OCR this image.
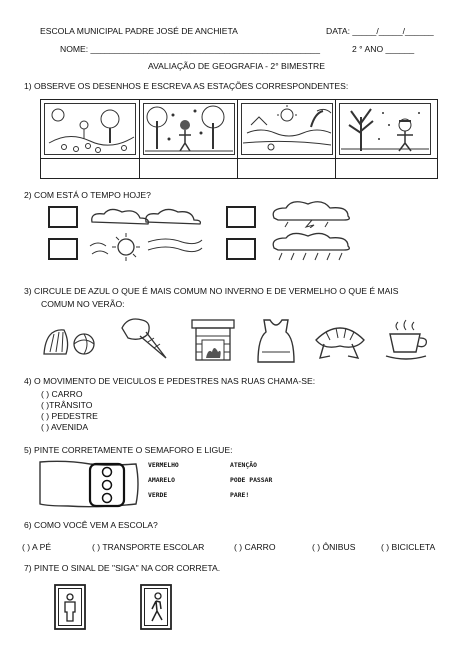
ESCOLA MUNICIPAL PADRE JOSÉ DE ANCHIETA	DATA: _____/_____/______
NOME: ________________________________________________	2 ° ANO ______
AVALIAÇÃO DE GEOGRAFIA - 2° BIMESTRE
1) OBSERVE OS DESENHOS E ESCREVA AS ESTAÇÕES CORRESPONDENTES:
2) COM ESTÁ O TEMPO HOJE?
3) CIRCULE DE AZUL O QUE É MAIS COMUM NO INVERNO E DE VERMELHO O QUE É MAIS
COMUM NO VERÃO:
4) O MOVIMENTO DE VEICULOS E PEDESTRES NAS RUAS CHAMA-SE:
( ) CARRO
( )TRÂNSITO
( ) PEDESTRE
( ) AVENIDA
5) PINTE CORRETAMENTE O SEMAFORO E LIGUE:
VERMELHO
AMARELO
VERDE
ATENÇÃO
PODE PASSAR
PARE!
6) COMO VOCÊ VEM A ESCOLA?
( ) A PÉ	( ) TRANSPORTE ESCOLAR	( ) CARRO	( ) ÔNIBUS	( ) BICICLETA
7) PINTE O SINAL DE "SIGA" NA COR CORRETA.
